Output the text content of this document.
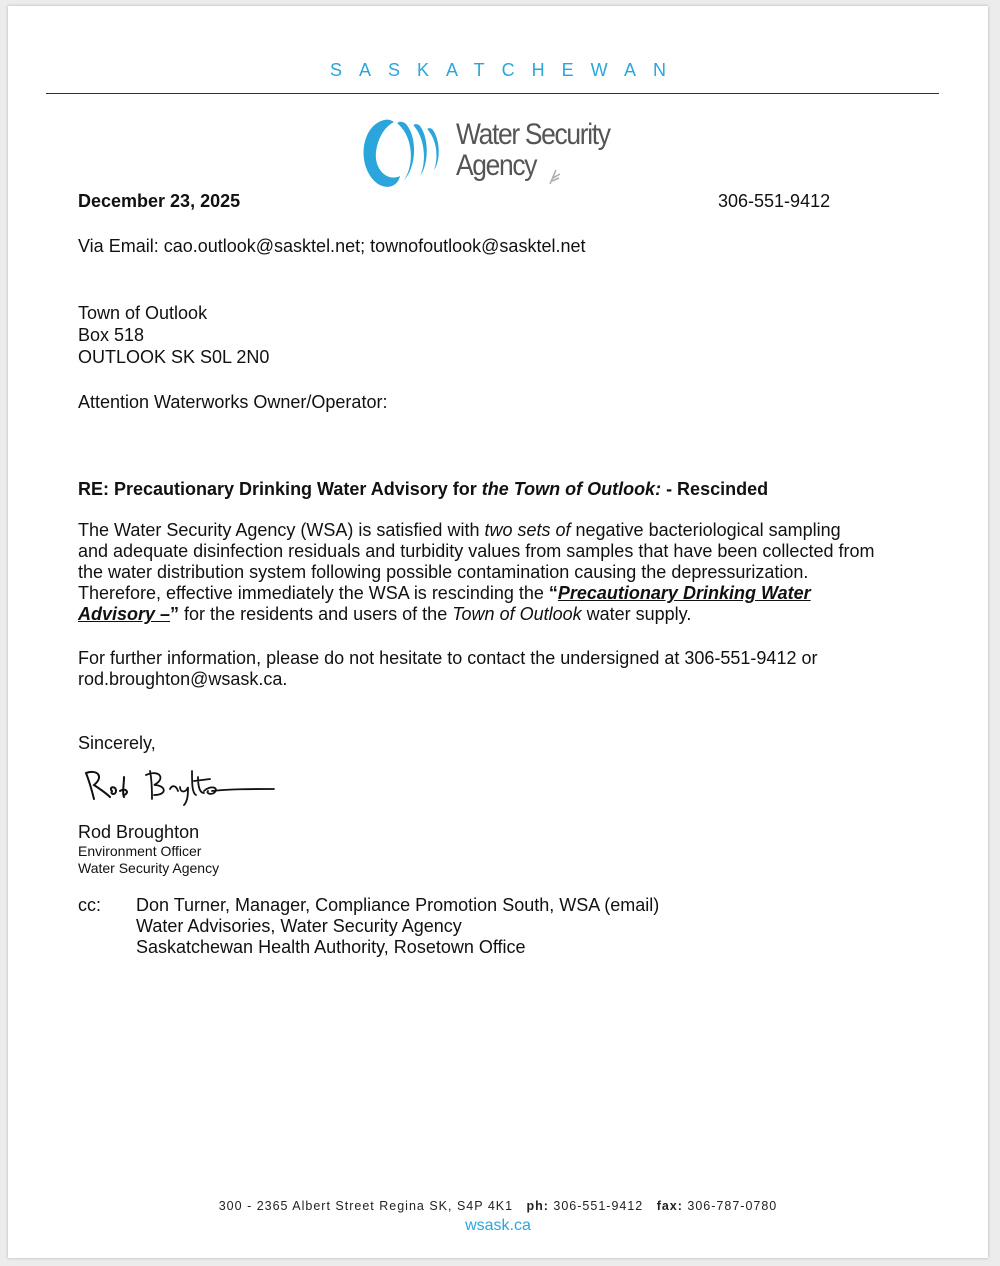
SASKATCHEWAN
Water Security
Agency
December 23, 2025	306-551-9412
Via Email: cao.outlook@sasktel.net; townofoutlook@sasktel.net
Town of Outlook
Box 518
OUTLOOK SK S0L 2N0
Attention Waterworks Owner/Operator:
RE: Precautionary Drinking Water Advisory for the Town of Outlook: - Rescinded

The Water Security Agency (WSA) is satisfied with two sets of negative bacteriological sampling

and adequate disinfection residuals and turbidity values from samples that have been collected from

the water distribution system following possible contamination causing the depressurization.

Therefore, effective immediately the WSA is rescinding the “Precautionary Drinking Water

Advisory –” for the residents and users of the Town of Outlook water supply.

For further information, please do not hesitate to contact the undersigned at 306-551-9412 or

rod.broughton@wsask.ca.

Sincerely,
Rod Broughton
Environment Officer
Water Security Agency
cc: Don Turner, Manager, Compliance Promotion South, WSA (email)
Water Advisories, Water Security Agency
Saskatchewan Health Authority, Rosetown Office
300 - 2365 Albert Street Regina SK, S4P 4K1 ph: 306-551-9412 fax: 306-787-0780
wsask.ca
